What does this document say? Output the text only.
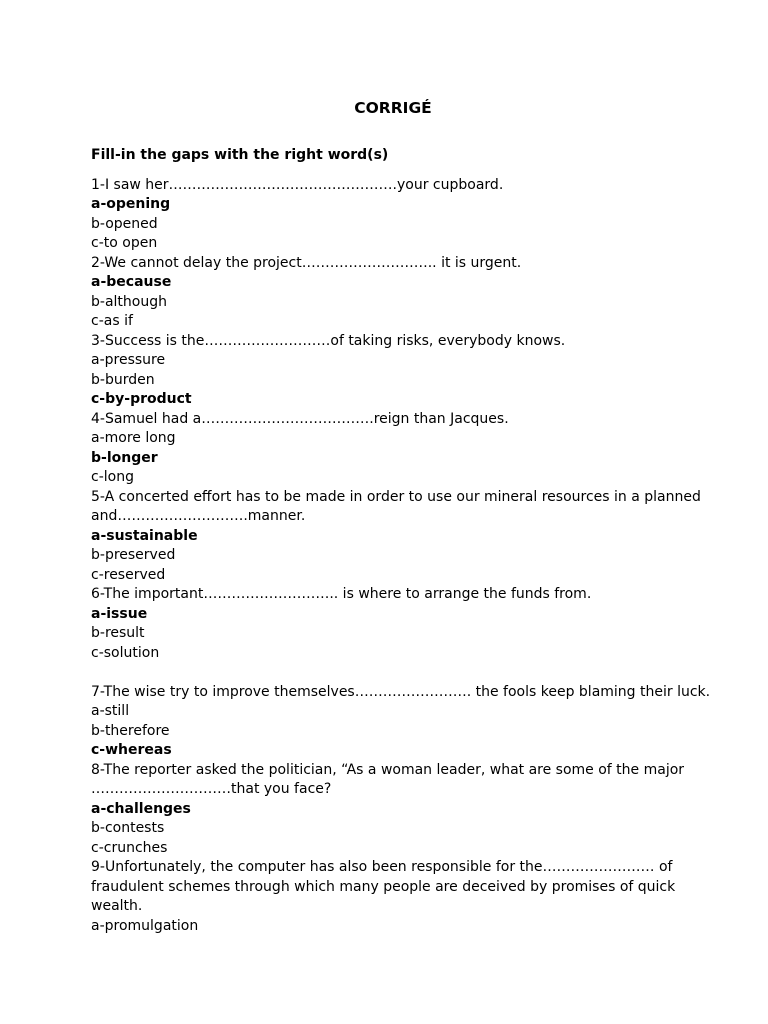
CORRIGÉ
Fill-in the gaps with the right word(s)
1-I saw her………………………………………….your cupboard.
a-opening
b-opened
c-to open
2-We cannot delay the project……………………….. it is urgent.
a-because
b-although
c-as if
3-Success is the………………………of taking risks, everybody knows.
a-pressure
b-burden
c-by-product
4-Samuel had a……………………………….reign than Jacques.
a-more long
b-longer
c-long
5-A concerted effort has to be made in order to use our mineral resources in a planned
and……………………….manner.
a-sustainable
b-preserved
c-reserved
6-The important……………………….. is where to arrange the funds from.
a-issue
b-result
c-solution
7-The wise try to improve themselves……………………. the fools keep blaming their luck.
a-still
b-therefore
c-whereas
8-The reporter asked the politician, “As a woman leader, what are some of the major
…………………………that you face?
a-challenges
b-contests
c-crunches
9-Unfortunately, the computer has also been responsible for the…………………… of
fraudulent schemes through which many people are deceived by promises of quick
wealth.
a-promulgation
